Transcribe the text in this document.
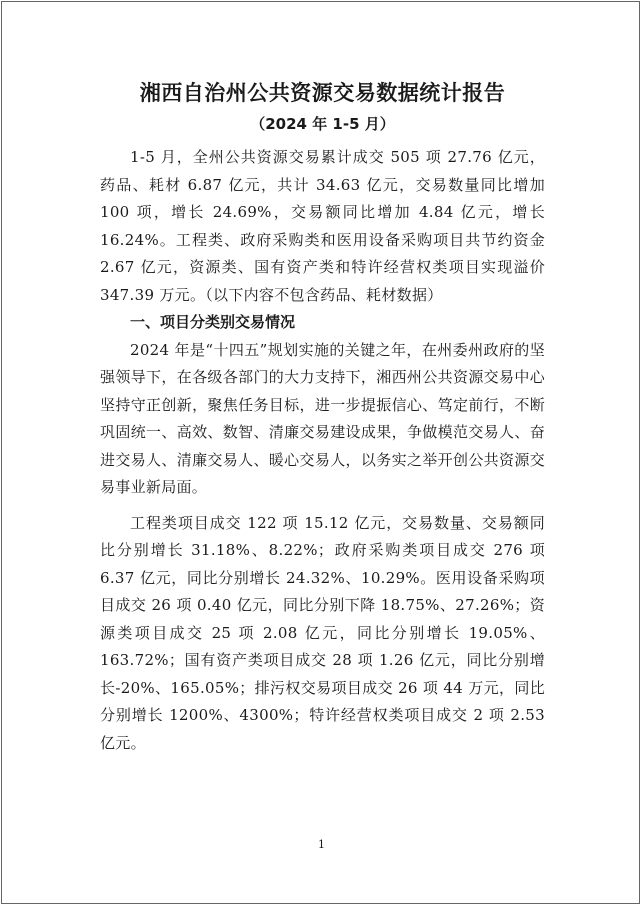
湘西自治州公共资源交易数据统计报告
（2024 年 1-5 月）

1-5 月，全州公共资源交易累计成交 505 项 27.76 亿元，药品、耗材 6.87 亿元，共计 34.63 亿元，交易数量同比增加 100 项，增长 24.69%，交易额同比增加 4.84 亿元，增长 16.24%。工程类、政府采购类和医用设备采购项目共节约资金 2.67 亿元，资源类、国有资产类和特许经营权类项目实现溢价 347.39 万元。（以下内容不包含药品、耗材数据）

一、项目分类别交易情况

2024 年是“十四五”规划实施的关键之年，在州委州政府的坚强领导下，在各级各部门的大力支持下，湘西州公共资源交易中心坚持守正创新，聚焦任务目标，进一步提振信心、笃定前行，不断巩固统一、高效、数智、清廉交易建设成果，争做模范交易人、奋进交易人、清廉交易人、暖心交易人，以务实之举开创公共资源交易事业新局面。

工程类项目成交 122 项 15.12 亿元，交易数量、交易额同比分别增长 31.18%、8.22%；政府采购类项目成交 276 项 6.37 亿元，同比分别增长 24.32%、10.29%。医用设备采购项目成交 26 项 0.40 亿元，同比分别下降 18.75%、27.26%；资源类项目成交 25 项 2.08 亿元，同比分别增长 19.05%、163.72%；国有资产类项目成交 28 项 1.26 亿元，同比分别增长-20%、165.05%；排污权交易项目成交 26 项 44 万元，同比分别增长 1200%、4300%；特许经营权类项目成交 2 项 2.53 亿元。

1
